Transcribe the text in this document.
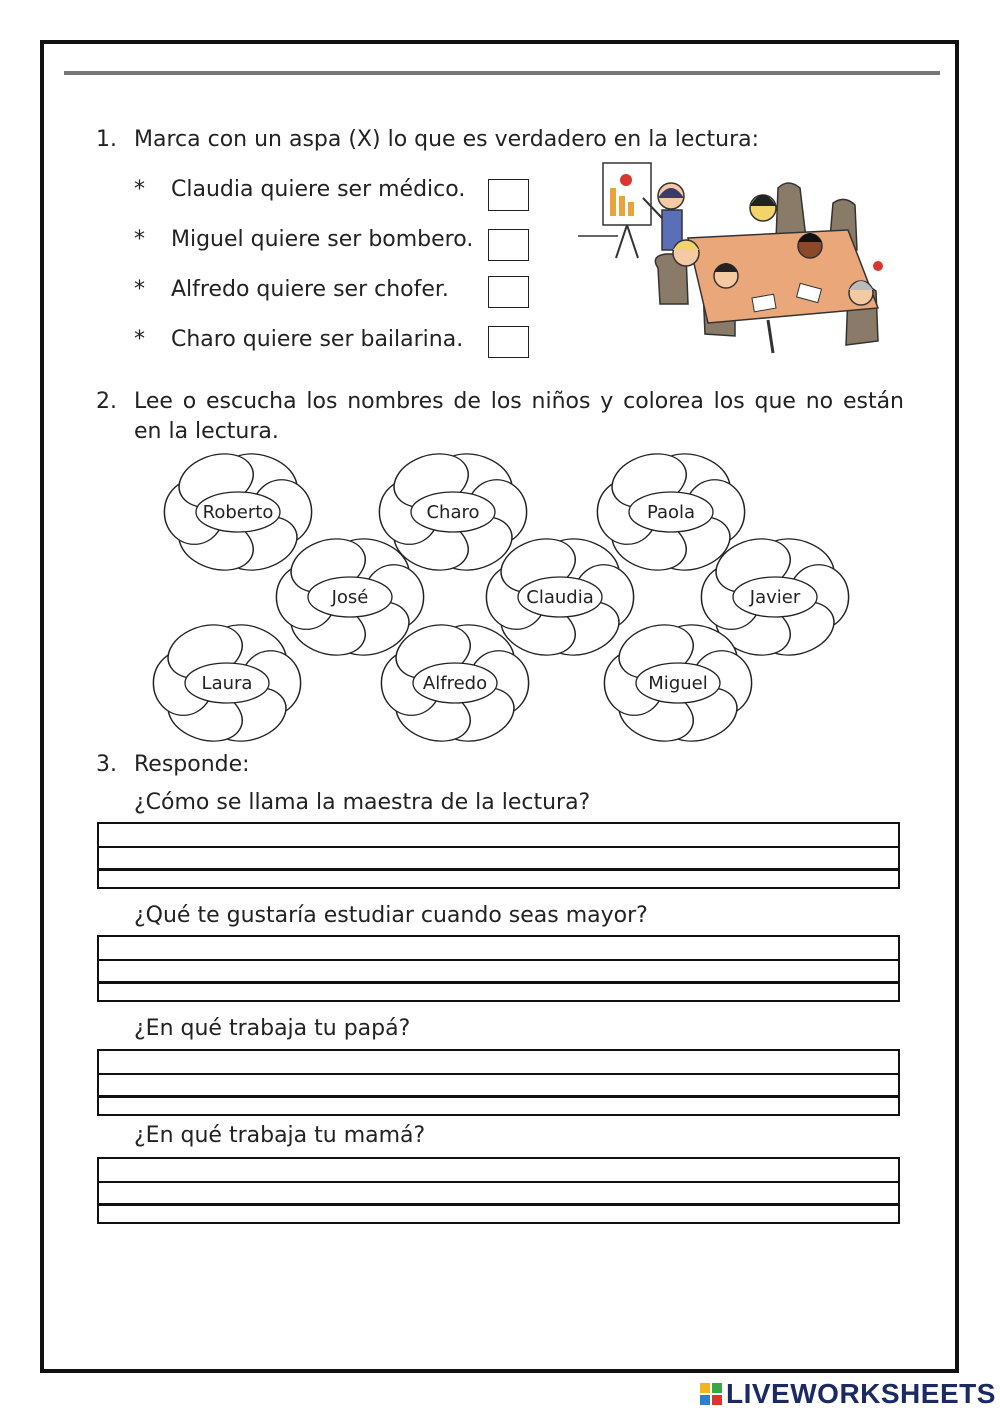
1. Marca con un aspa (X) lo que es verdadero en la lectura:
* Claudia quiere ser médico.
* Miguel quiere ser bombero.
* Alfredo quiere ser chofer.
* Charo quiere ser bailarina.
2. Lee o escucha los nombres de los niños y colorea los que no están
en la lectura.
Roberto	Charo	Paola
José	Claudia	Javier
Laura	Alfredo	Miguel
3. Responde:
¿Cómo se llama la maestra de la lectura?
¿Qué te gustaría estudiar cuando seas mayor?
¿En qué trabaja tu papá?
¿En qué trabaja tu mamá?
LIVEWORKSHEETS
